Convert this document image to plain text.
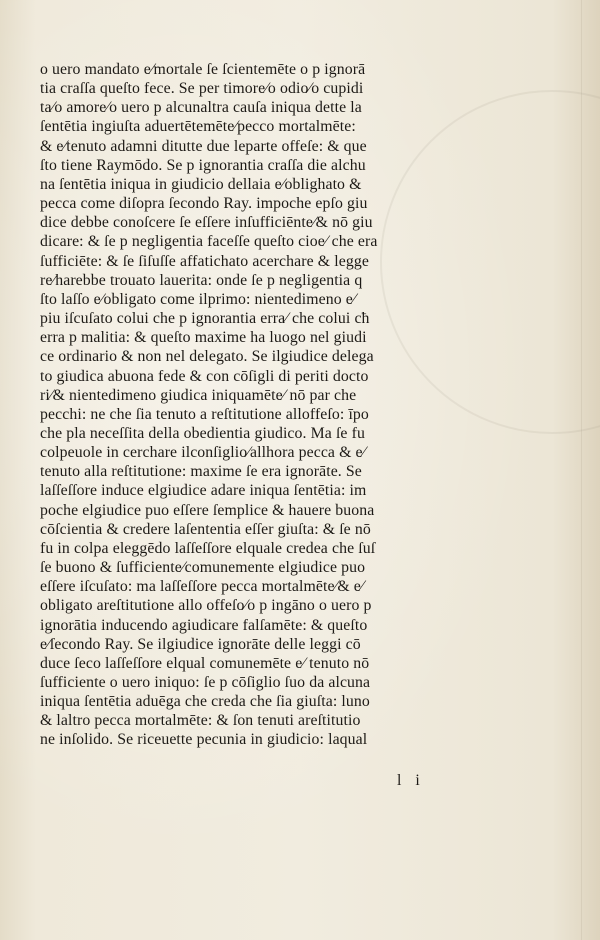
o uero mandato e⁄mortale ſe ſcientemēte o p ignorā
tia craſſa queſto fece. Se per timore⁄o odio⁄o cupidi
ta⁄o amore⁄o uero p alcunaltra cauſa iniqua dette la
ſentētia ingiuſta aduertētemēte⁄pecco mortalmēte:
& e⁄tenuto adamni ditutte due leparte offeſe: & que
ſto tiene Raymōdo. Se p ignorantia craſſa die alchu
na ſentētia iniqua in giudicio dellaia e⁄oblighato &
pecca come diſopra ſecondo Ray. impoche epſo giu
dice debbe conoſcere ſe eſſere inſufficiēnte⁄& nō giu
dicare: & ſe p negligentia faceſſe queſto cioe⁄ che era
ſufficiēte: & ſe ſiſuſſe affatichato acerchare & legge
re⁄harebbe trouato lauerita: onde ſe p negligentia q
ſto laſſo e⁄obligato come ilprimo: nientedimeno e⁄
piu iſcuſato colui che p ignorantia erra⁄ che colui cħ
erra p malitia: & queſto maxime ha luogo nel giudi
ce ordinario & non nel delegato. Se ilgiudice delega
to giudica abuona fede & con cōſigli di periti docto
ri⁄& nientedimeno giudica iniquamēte⁄ nō par che
pecchi: ne che ſia tenuto a reſtitutione alloffeſo: īpo
che pla neceſſita della obedientia giudico. Ma ſe fu
colpeuole in cerchare ilconſiglio⁄allhora pecca & e⁄
tenuto alla reſtitutione: maxime ſe era ignorāte. Se
laſſeſſore induce elgiudice adare iniqua ſentētia: im
poche elgiudice puo eſſere ſemplice & hauere buona
cōſcientia & credere laſententia eſſer giuſta: & ſe nō
fu in colpa eleggēdo laſſeſſore elquale credea che ſuſ
ſe buono & ſufficiente⁄comunemente elgiudice puo
eſſere iſcuſato: ma laſſeſſore pecca mortalmēte⁄& e⁄
obligato areſtitutione allo offeſo⁄o p ingāno o uero p
ignorātia inducendo agiudicare falſamēte: & queſto
e⁄ſecondo Ray. Se ilgiudice ignorāte delle leggi cō
duce ſeco laſſeſſore elqual comunemēte e⁄ tenuto nō
ſufficiente o uero iniquo: ſe p cōſiglio ſuo da alcuna
iniqua ſentētia aduēga che creda che ſia giuſta: luno
& laltro pecca mortalmēte: & ſon tenuti areſtitutio
ne inſolido. Se riceuette pecunia in giudicio: laqual
l i
